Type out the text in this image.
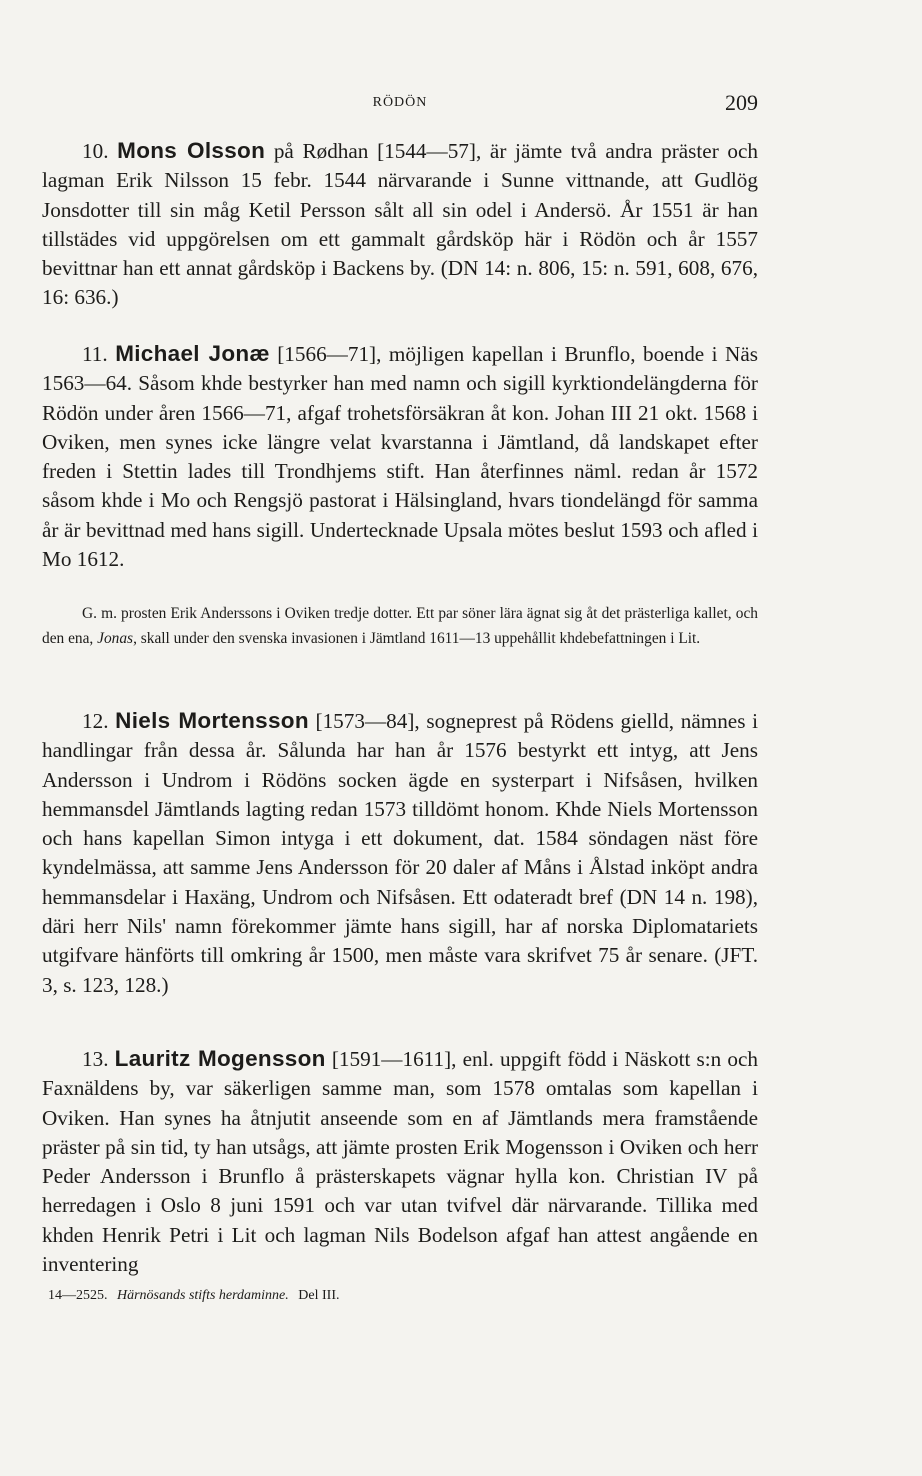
RÖDÖN	209

10. Mons Olsson på Rødhan [1544—57], är jämte två andra präster och lagman Erik Nilsson 15 febr. 1544 närvarande i Sunne vittnande, att Gudlög Jonsdotter till sin måg Ketil Persson sålt all sin odel i Andersö. År 1551 är han tillstädes vid uppgörelsen om ett gammalt gårdsköp här i Rödön och år 1557 bevittnar han ett annat gårdsköp i Backens by. (DN 14: n. 806, 15: n. 591, 608, 676, 16: 636.)

11. Michael Jonæ [1566—71], möjligen kapellan i Brunflo, boende i Näs 1563—64. Såsom khde bestyrker han med namn och sigill kyrktiondelängderna för Rödön under åren 1566—71, afgaf trohetsförsäkran åt kon. Johan III 21 okt. 1568 i Oviken, men synes icke längre velat kvarstanna i Jämtland, då landskapet efter freden i Stettin lades till Trondhjems stift. Han återfinnes näml. redan år 1572 såsom khde i Mo och Rengsjö pastorat i Hälsingland, hvars tiondelängd för samma år är bevittnad med hans sigill. Undertecknade Upsala mötes beslut 1593 och afled i Mo 1612.

G. m. prosten Erik Anderssons i Oviken tredje dotter. Ett par söner lära ägnat sig åt det prästerliga kallet, och den ena, Jonas, skall under den svenska invasionen i Jämtland 1611—13 uppehållit khdebefattningen i Lit.

12. Niels Mortensson [1573—84], sogneprest på Rödens gielld, nämnes i handlingar från dessa år. Sålunda har han år 1576 bestyrkt ett intyg, att Jens Andersson i Undrom i Rödöns socken ägde en systerpart i Nifsåsen, hvilken hemmansdel Jämtlands lagting redan 1573 tilldömt honom. Khde Niels Mortensson och hans kapellan Simon intyga i ett dokument, dat. 1584 söndagen näst före kyndelmässa, att samme Jens Andersson för 20 daler af Måns i Ålstad inköpt andra hemmansdelar i Haxäng, Undrom och Nifsåsen. Ett odateradt bref (DN 14 n. 198), däri herr Nils' namn förekommer jämte hans sigill, har af norska Diplomatariets utgifvare hänförts till omkring år 1500, men måste vara skrifvet 75 år senare. (JFT. 3, s. 123, 128.)

13. Lauritz Mogensson [1591—1611], enl. uppgift född i Näskott s:n och Faxnäldens by, var säkerligen samme man, som 1578 omtalas som kapellan i Oviken. Han synes ha åtnjutit anseende som en af Jämtlands mera framstående präster på sin tid, ty han utsågs, att jämte prosten Erik Mogensson i Oviken och herr Peder Andersson i Brunflo å prästerskapets vägnar hylla kon. Christian IV på herredagen i Oslo 8 juni 1591 och var utan tvifvel där närvarande. Tillika med khden Henrik Petri i Lit och lagman Nils Bodelson afgaf han attest angående en inventering

14—2525. Härnösands stifts herdaminne. Del III.
